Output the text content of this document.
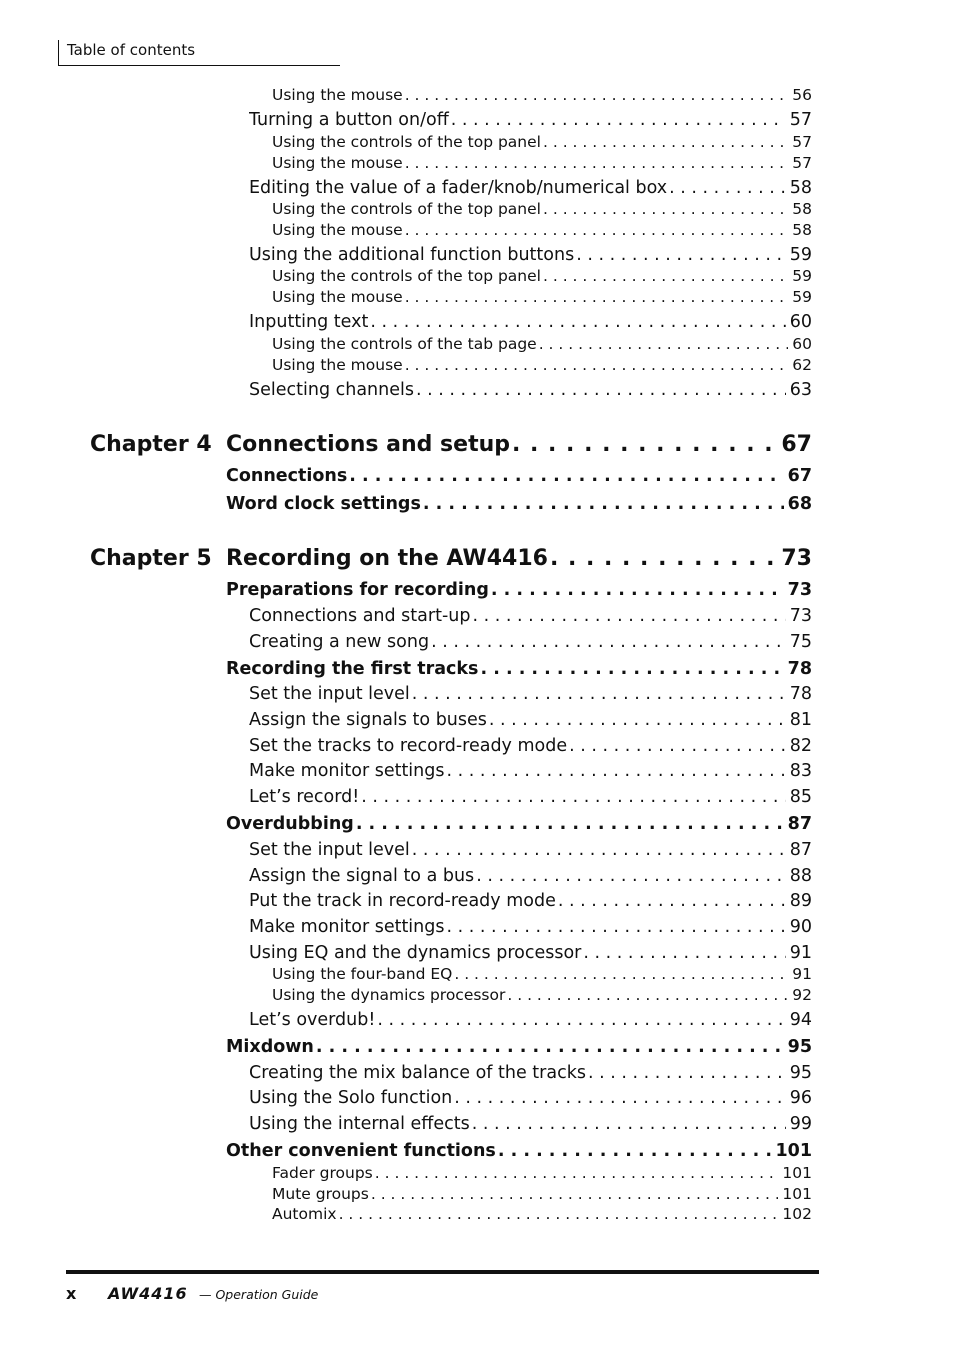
Table of contents
Using the mouse . . .	56
Turning a button on/off . . .	57
Using the controls of the top panel . . .	57
Using the mouse . . .	57
Editing the value of a fader/knob/numerical box . . .	58
Using the controls of the top panel . . .	58
Using the mouse . . .	58
Using the additional function buttons . . .	59
Using the controls of the top panel . . .	59
Using the mouse . . .	59
Inputting text . . .	60
Using the controls of the tab page . . .	60
Using the mouse . . .	62
Selecting channels . . .	63
Chapter 4 Connections and setup . . .	67
Connections . . .	67
Word clock settings . . .	68
Chapter 5 Recording on the AW4416 . . .	73
Preparations for recording . . .	73
Connections and start-up . . .	73
Creating a new song . . .	75
Recording the first tracks . . .	78
Set the input level . . .	78
Assign the signals to buses . . .	81
Set the tracks to record-ready mode . . .	82
Make monitor settings . . .	83
Let’s record! . . .	85
Overdubbing . . .	87
Set the input level . . .	87
Assign the signal to a bus . . .	88
Put the track in record-ready mode . . .	89
Make monitor settings . . .	90
Using EQ and the dynamics processor . . .	91
Using the four-band EQ . . .	91
Using the dynamics processor . . .	92
Let’s overdub! . . .	94
Mixdown . . .	95
Creating the mix balance of the tracks . . .	95
Using the Solo function . . .	96
Using the internal effects . . .	99
Other convenient functions . . .	101
Fader groups . . .	101
Mute groups . . .	101
Automix . . .	102
x AW4416 — Operation Guide
